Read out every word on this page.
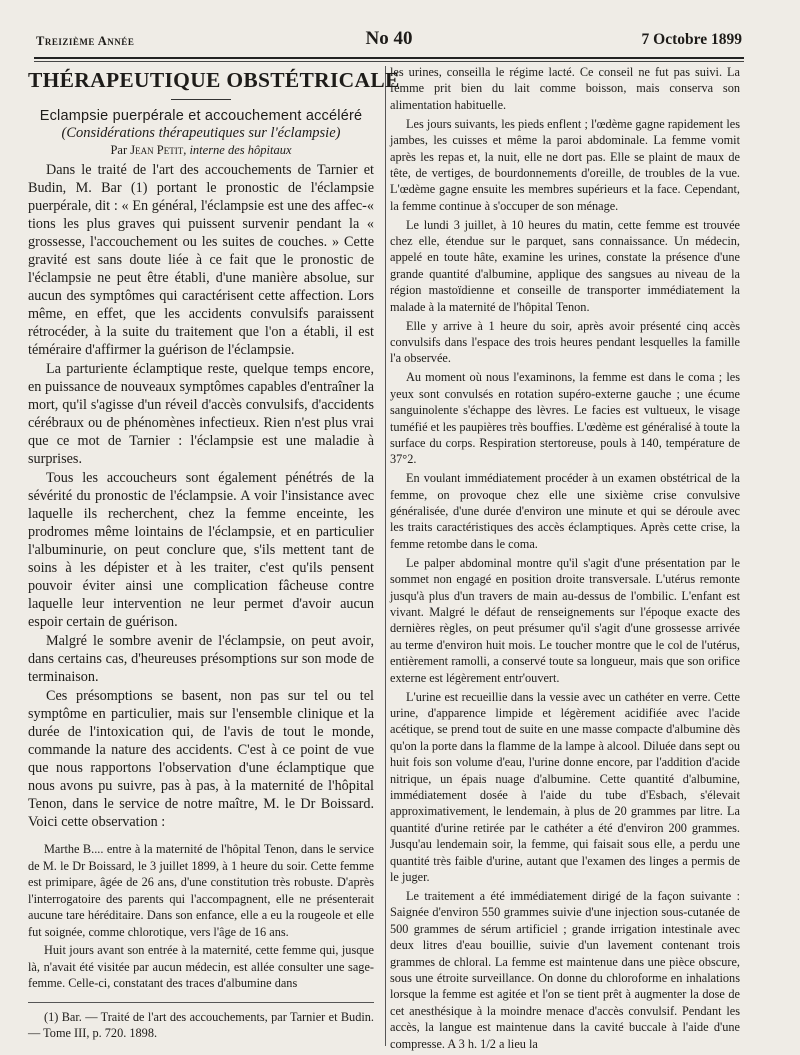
Treizième Année	No 40	7 Octobre 1899
THÉRAPEUTIQUE OBSTÉTRICALE
Eclampsie puerpérale et accouchement accéléré
(Considérations thérapeutiques sur l'éclampsie)
Par Jean Petit, interne des hôpitaux

Dans le traité de l'art des accouchements de Tarnier et Budin, M. Bar (1) portant le pronostic de l'éclampsie puerpérale, dit : « En général, l'éclampsie est une des affec-« tions les plus graves qui puissent survenir pendant la « grossesse, l'accouchement ou les suites de couches. » Cette gravité est sans doute liée à ce fait que le pronostic de l'éclampsie ne peut être établi, d'une manière absolue, sur aucun des symptômes qui caractérisent cette affection. Lors même, en effet, que les accidents convulsifs paraissent rétrocéder, à la suite du traitement que l'on a établi, il est téméraire d'affirmer la guérison de l'éclampsie.

La parturiente éclamptique reste, quelque temps encore, en puissance de nouveaux symptômes capables d'entraîner la mort, qu'il s'agisse d'un réveil d'accès convulsifs, d'accidents cérébraux ou de phénomènes infectieux. Rien n'est plus vrai que ce mot de Tarnier : l'éclampsie est une maladie à surprises.

Tous les accoucheurs sont également pénétrés de la sévérité du pronostic de l'éclampsie. A voir l'insistance avec laquelle ils recherchent, chez la femme enceinte, les prodromes même lointains de l'éclampsie, et en particulier l'albuminurie, on peut conclure que, s'ils mettent tant de soins à les dépister et à les traiter, c'est qu'ils pensent pouvoir éviter ainsi une complication fâcheuse contre laquelle leur intervention ne leur permet d'avoir aucun espoir certain de guérison.

Malgré le sombre avenir de l'éclampsie, on peut avoir, dans certains cas, d'heureuses présomptions sur son mode de terminaison.

Ces présomptions se basent, non pas sur tel ou tel symptôme en particulier, mais sur l'ensemble clinique et la durée de l'intoxication qui, de l'avis de tout le monde, commande la nature des accidents. C'est à ce point de vue que nous rapportons l'observation d'une éclamptique que nous avons pu suivre, pas à pas, à la maternité de l'hôpital Tenon, dans le service de notre maître, M. le Dr Boissard. Voici cette observation :

Marthe B.... entre à la maternité de l'hôpital Tenon, dans le service de M. le Dr Boissard, le 3 juillet 1899, à 1 heure du soir. Cette femme est primipare, âgée de 26 ans, d'une constitution très robuste. D'après l'interrogatoire des parents qui l'accompagnent, elle ne présenterait aucune tare héréditaire. Dans son enfance, elle a eu la rougeole et elle fut soignée, comme chlorotique, vers l'âge de 16 ans.

Huit jours avant son entrée à la maternité, cette femme qui, jusque là, n'avait été visitée par aucun médecin, est allée consulter une sage-femme. Celle-ci, constatant des traces d'albumine dans

(1) Bar. — Traité de l'art des accouchements, par Tarnier et Budin. — Tome III, p. 720. 1898.

les urines, conseilla le régime lacté. Ce conseil ne fut pas suivi. La femme prit bien du lait comme boisson, mais conserva son alimentation habituelle.

Les jours suivants, les pieds enflent ; l'œdème gagne rapidement les jambes, les cuisses et même la paroi abdominale. La femme vomit après les repas et, la nuit, elle ne dort pas. Elle se plaint de maux de tête, de vertiges, de bourdonnements d'oreille, de troubles de la vue. L'œdème gagne ensuite les membres supérieurs et la face. Cependant, la femme continue à s'occuper de son ménage.

Le lundi 3 juillet, à 10 heures du matin, cette femme est trouvée chez elle, étendue sur le parquet, sans connaissance. Un médecin, appelé en toute hâte, examine les urines, constate la présence d'une grande quantité d'albumine, applique des sangsues au niveau de la région mastoïdienne et conseille de transporter immédiatement la malade à la maternité de l'hôpital Tenon.

Elle y arrive à 1 heure du soir, après avoir présenté cinq accès convulsifs dans l'espace des trois heures pendant lesquelles la famille l'a observée.

Au moment où nous l'examinons, la femme est dans le coma ; les yeux sont convulsés en rotation supéro-externe gauche ; une écume sanguinolente s'échappe des lèvres. Le facies est vultueux, le visage tuméfié et les paupières très bouffies. L'œdème est généralisé à toute la surface du corps. Respiration stertoreuse, pouls à 140, température de 37°2.

En voulant immédiatement procéder à un examen obstétrical de la femme, on provoque chez elle une sixième crise convulsive généralisée, d'une durée d'environ une minute et qui se déroule avec les traits caractéristiques des accès éclamptiques. Après cette crise, la femme retombe dans le coma.

Le palper abdominal montre qu'il s'agit d'une présentation par le sommet non engagé en position droite transversale. L'utérus remonte jusqu'à plus d'un travers de main au-dessus de l'ombilic. L'enfant est vivant. Malgré le défaut de renseignements sur l'époque exacte des dernières règles, on peut présumer qu'il s'agit d'une grossesse arrivée au terme d'environ huit mois. Le toucher montre que le col de l'utérus, entièrement ramolli, a conservé toute sa longueur, mais que son orifice externe est légèrement entr'ouvert.

L'urine est recueillie dans la vessie avec un cathéter en verre. Cette urine, d'apparence limpide et légèrement acidifiée avec l'acide acétique, se prend tout de suite en une masse compacte d'albumine dès qu'on la porte dans la flamme de la lampe à alcool. Diluée dans sept ou huit fois son volume d'eau, l'urine donne encore, par l'addition d'acide nitrique, un épais nuage d'albumine. Cette quantité d'albumine, immédiatement dosée à l'aide du tube d'Esbach, s'élevait approximativement, le lendemain, à plus de 20 grammes par litre. La quantité d'urine retirée par le cathéter a été d'environ 200 grammes. Jusqu'au lendemain soir, la femme, qui faisait sous elle, a perdu une quantité très faible d'urine, autant que l'examen des linges a permis de le juger.

Le traitement a été immédiatement dirigé de la façon suivante : Saignée d'environ 550 grammes suivie d'une injection sous-cutanée de 500 grammes de sérum artificiel ; grande irrigation intestinale avec deux litres d'eau bouillie, suivie d'un lavement contenant trois grammes de chloral. La femme est maintenue dans une pièce obscure, sous une étroite surveillance. On donne du chloroforme en inhalations lorsque la femme est agitée et l'on se tient prêt à augmenter la dose de cet anesthésique à la moindre menace d'accès convulsif. Pendant les accès, la langue est maintenue dans la cavité buccale à l'aide d'une compresse. A 3 h. 1/2 a lieu la
